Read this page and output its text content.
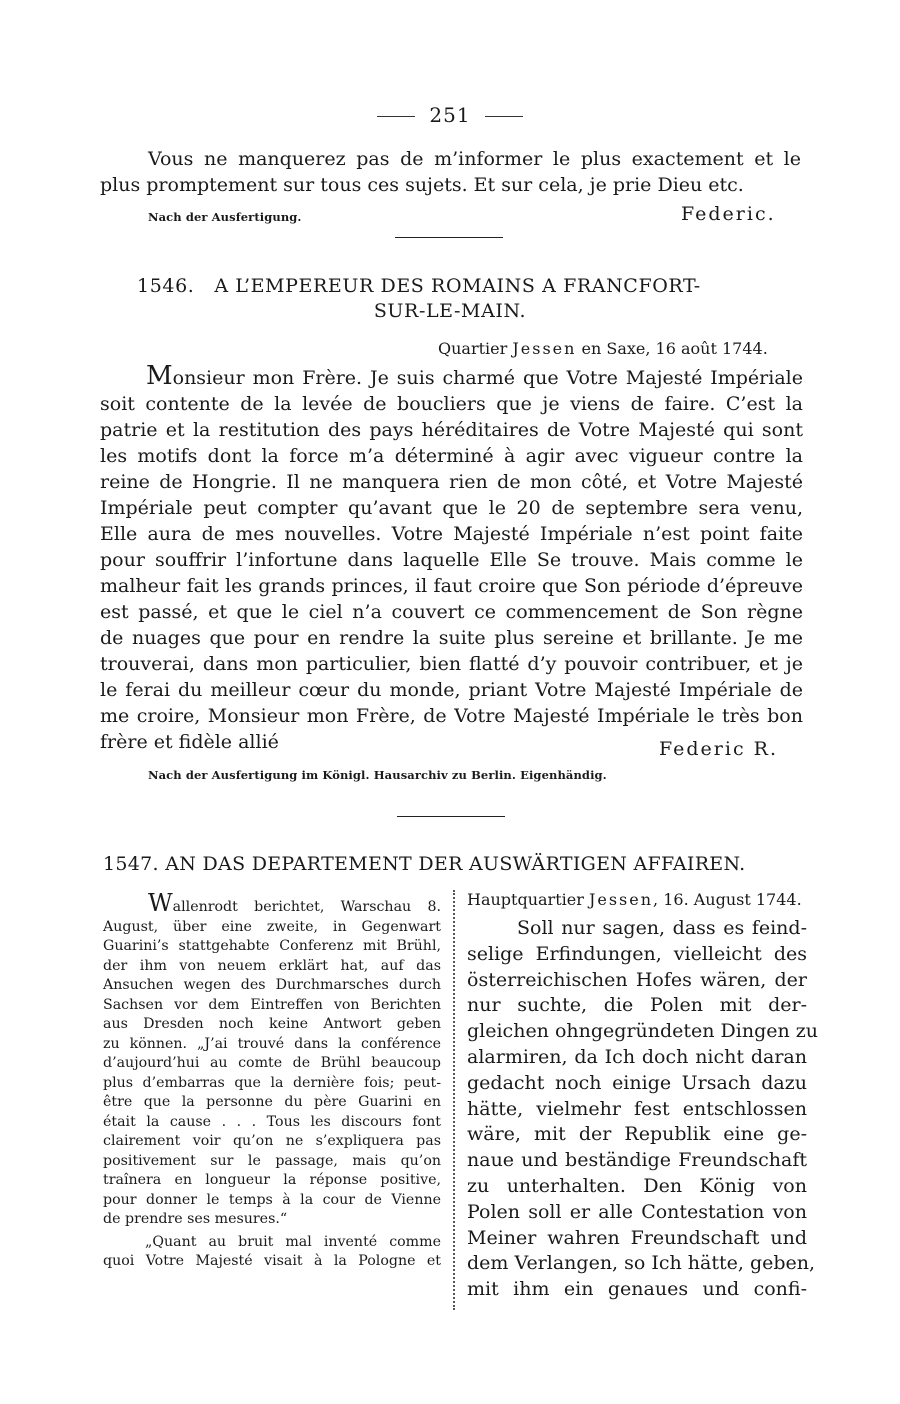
251
Vous ne manquerez pas de m’informer le plus exactement et le
plus promptement sur tous ces sujets. Et sur cela, je prie Dieu etc.
Nach der Ausfertigung.	Federic.
1546. A L’EMPEREUR DES ROMAINS A FRANCFORT-
SUR-LE-MAIN.
Quartier Jessen en Saxe, 16 août 1744.
Monsieur mon Frère. Je suis charmé que Votre Majesté Impériale
soit contente de la levée de boucliers que je viens de faire. C’est la
patrie et la restitution des pays héréditaires de Votre Majesté qui sont
les motifs dont la force m’a déterminé à agir avec vigueur contre la
reine de Hongrie. Il ne manquera rien de mon côté, et Votre Majesté
Impériale peut compter qu’avant que le 20 de septembre sera venu,
Elle aura de mes nouvelles. Votre Majesté Impériale n’est point faite
pour souffrir l’infortune dans laquelle Elle Se trouve. Mais comme le
malheur fait les grands princes, il faut croire que Son période d’épreuve
est passé, et que le ciel n’a couvert ce commencement de Son règne
de nuages que pour en rendre la suite plus sereine et brillante. Je me
trouverai, dans mon particulier, bien flatté d’y pouvoir contribuer, et je
le ferai du meilleur cœur du monde, priant Votre Majesté Impériale de
me croire, Monsieur mon Frère, de Votre Majesté Impériale le très bon
frère et fidèle allié	Federic R.
Nach der Ausfertigung im Königl. Hausarchiv zu Berlin. Eigenhändig.
1547. AN DAS DEPARTEMENT DER AUSWÄRTIGEN AFFAIREN.
Wallenrodt berichtet, Warschau 8.
August, über eine zweite, in Gegenwart
Guarini’s stattgehabte Conferenz mit Brühl,
der ihm von neuem erklärt hat, auf das
Ansuchen wegen des Durchmarsches durch
Sachsen vor dem Eintreffen von Berichten
aus Dresden noch keine Antwort geben
zu können. „J’ai trouvé dans la conférence
d’aujourd’hui au comte de Brühl beaucoup
plus d’embarras que la dernière fois; peut-
être que la personne du père Guarini en
était la cause . . . Tous les discours font
clairement voir qu’on ne s’expliquera pas
positivement sur le passage, mais qu’on
traînera en longueur la réponse positive,
pour donner le temps à la cour de Vienne
de prendre ses mesures.“
„Quant au bruit mal inventé comme
quoi Votre Majesté visait à la Pologne et
Hauptquartier Jessen, 16. August 1744.
Soll nur sagen, dass es feind-
selige Erfindungen, vielleicht des
österreichischen Hofes wären, der
nur suchte, die Polen mit der-
gleichen ohngegründeten Dingen zu
alarmiren, da Ich doch nicht daran
gedacht noch einige Ursach dazu
hätte, vielmehr fest entschlossen
wäre, mit der Republik eine ge-
naue und beständige Freundschaft
zu unterhalten. Den König von
Polen soll er alle Contestation von
Meiner wahren Freundschaft und
dem Verlangen, so Ich hätte, geben,
mit ihm ein genaues und confi-
